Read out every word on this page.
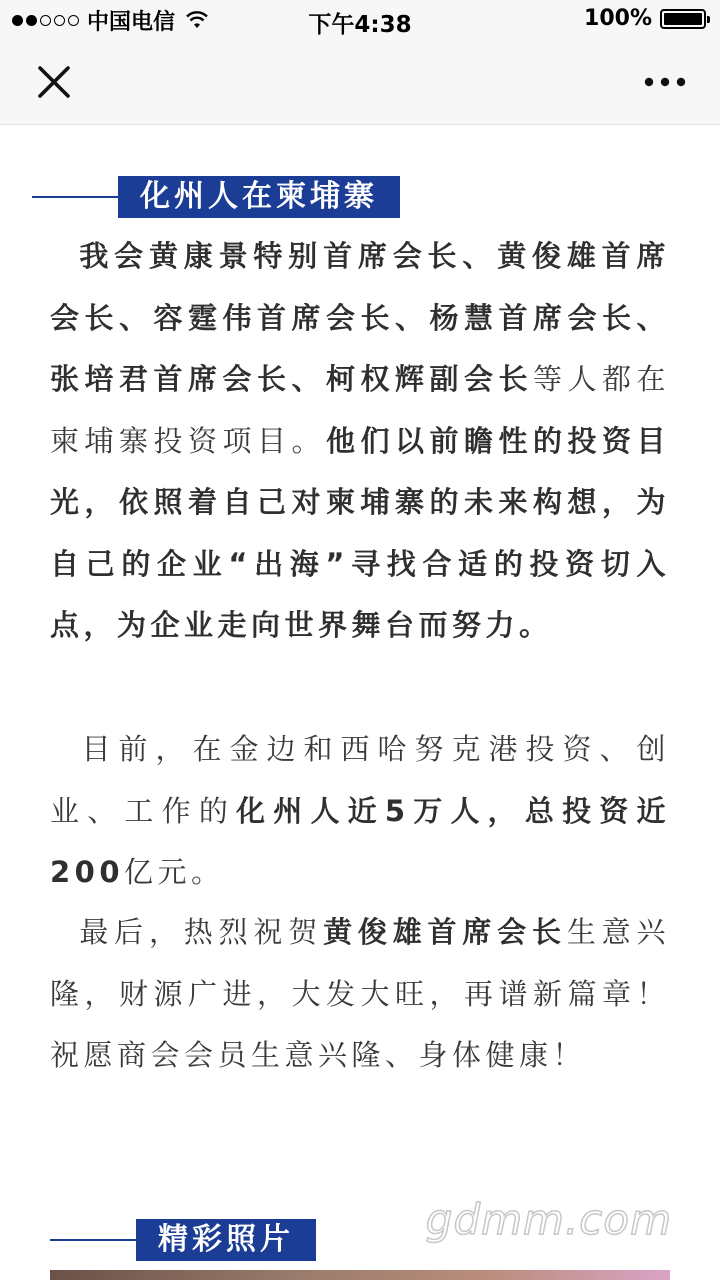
中国电信	下午4:38	100%
化州人在柬埔寨
我会黄康景特别首席会长、黄俊雄首席会长、容霆伟首席会长、杨慧首席会长、张培君首席会长、柯权辉副会长等人都在柬埔寨投资项目。他们以前瞻性的投资目光，依照着自己对柬埔寨的未来构想，为自己的企业“出海”寻找合适的投资切入点，为企业走向世界舞台而努力。
目前，在金边和西哈努克港投资、创业、工作的化州人近5万人，总投资近200亿元。
最后，热烈祝贺黄俊雄首席会长生意兴隆，财源广进，大发大旺，再谱新篇章！祝愿商会会员生意兴隆、身体健康！
精彩照片	gdmm.com
